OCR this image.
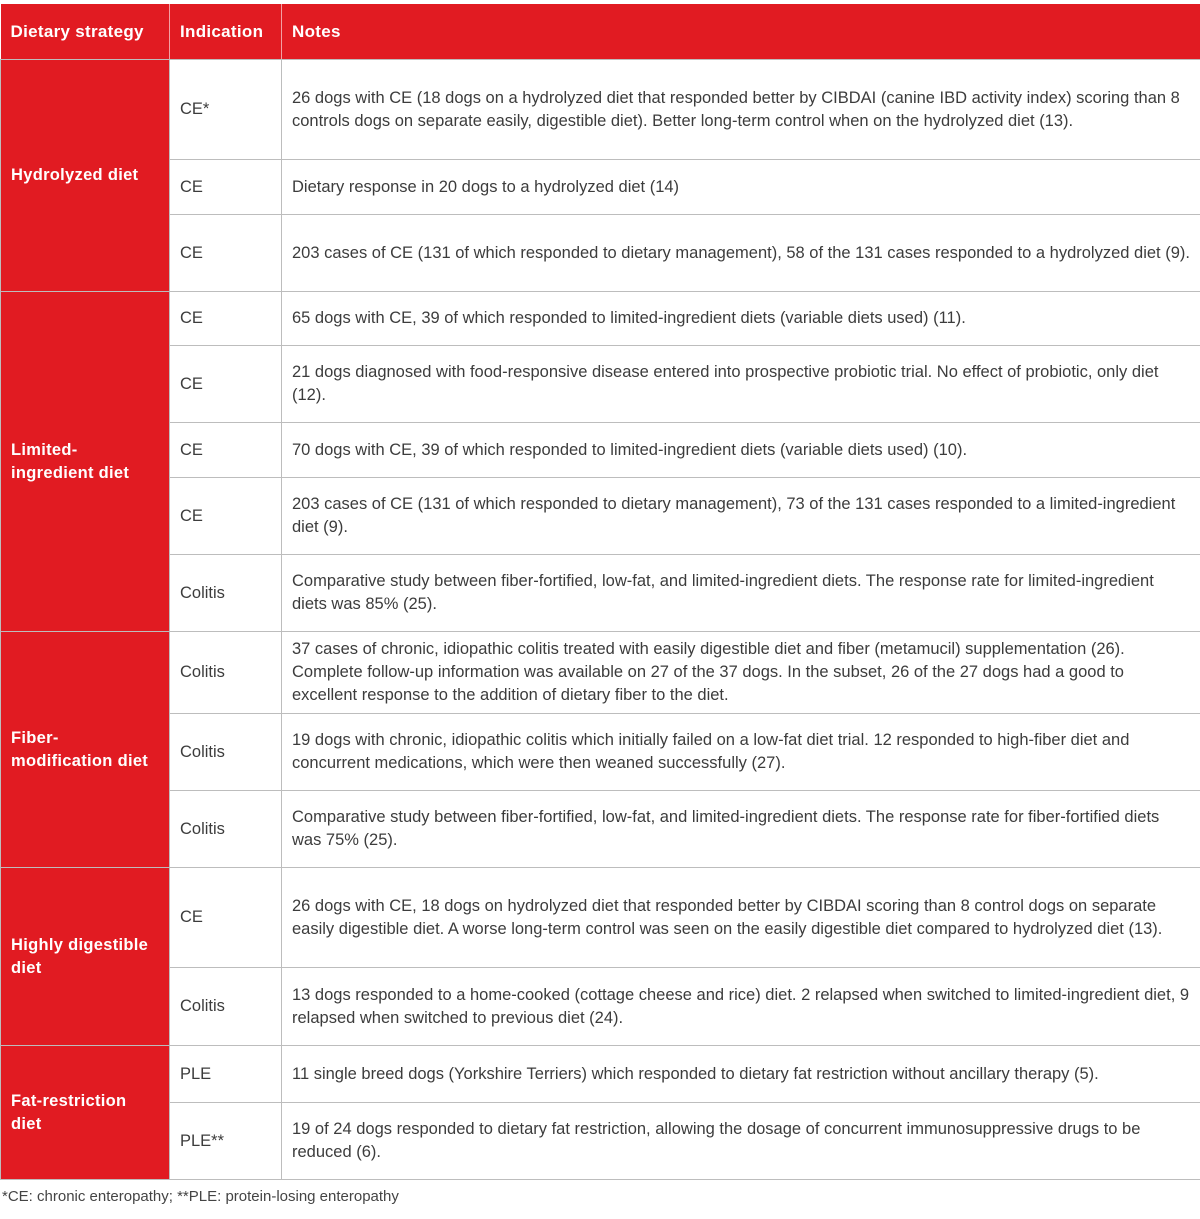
Dietary strategy	Indication	Notes
Hydrolyzed diet	CE*	26 dogs with CE (18 dogs on a hydrolyzed diet that responded better by CIBDAI (canine IBD activity index) scoring than 8 controls dogs on separate easily, digestible diet). Better long-term control when on the hydrolyzed diet (13).
	CE	Dietary response in 20 dogs to a hydrolyzed diet (14)
	CE	203 cases of CE (131 of which responded to dietary management), 58 of the 131 cases responded to a hydrolyzed diet (9).
Limited-ingredient diet	CE	65 dogs with CE, 39 of which responded to limited-ingredient diets (variable diets used) (11).
	CE	21 dogs diagnosed with food-responsive disease entered into prospective probiotic trial. No effect of probiotic, only diet (12).
	CE	70 dogs with CE, 39 of which responded to limited-ingredient diets (variable diets used) (10).
	CE	203 cases of CE (131 of which responded to dietary management), 73 of the 131 cases responded to a limited-ingredient diet (9).
	Colitis	Comparative study between fiber-fortified, low-fat, and limited-ingredient diets. The response rate for limited-ingredient diets was 85% (25).
Fiber-modification diet	Colitis	37 cases of chronic, idiopathic colitis treated with easily digestible diet and fiber (metamucil) supplementation (26). Complete follow-up information was available on 27 of the 37 dogs. In the subset, 26 of the 27 dogs had a good to excellent response to the addition of dietary fiber to the diet.
	Colitis	19 dogs with chronic, idiopathic colitis which initially failed on a low-fat diet trial. 12 responded to high-fiber diet and concurrent medications, which were then weaned successfully (27).
	Colitis	Comparative study between fiber-fortified, low-fat, and limited-ingredient diets. The response rate for fiber-fortified diets was 75% (25).
Highly digestible diet	CE	26 dogs with CE, 18 dogs on hydrolyzed diet that responded better by CIBDAI scoring than 8 control dogs on separate easily digestible diet. A worse long-term control was seen on the easily digestible diet compared to hydrolyzed diet (13).
	Colitis	13 dogs responded to a home-cooked (cottage cheese and rice) diet. 2 relapsed when switched to limited-ingredient diet, 9 relapsed when switched to previous diet (24).
Fat-restriction diet	PLE	11 single breed dogs (Yorkshire Terriers) which responded to dietary fat restriction without ancillary therapy (5).
	PLE**	19 of 24 dogs responded to dietary fat restriction, allowing the dosage of concurrent immunosuppressive drugs to be reduced (6).
*CE: chronic enteropathy; **PLE: protein-losing enteropathy
